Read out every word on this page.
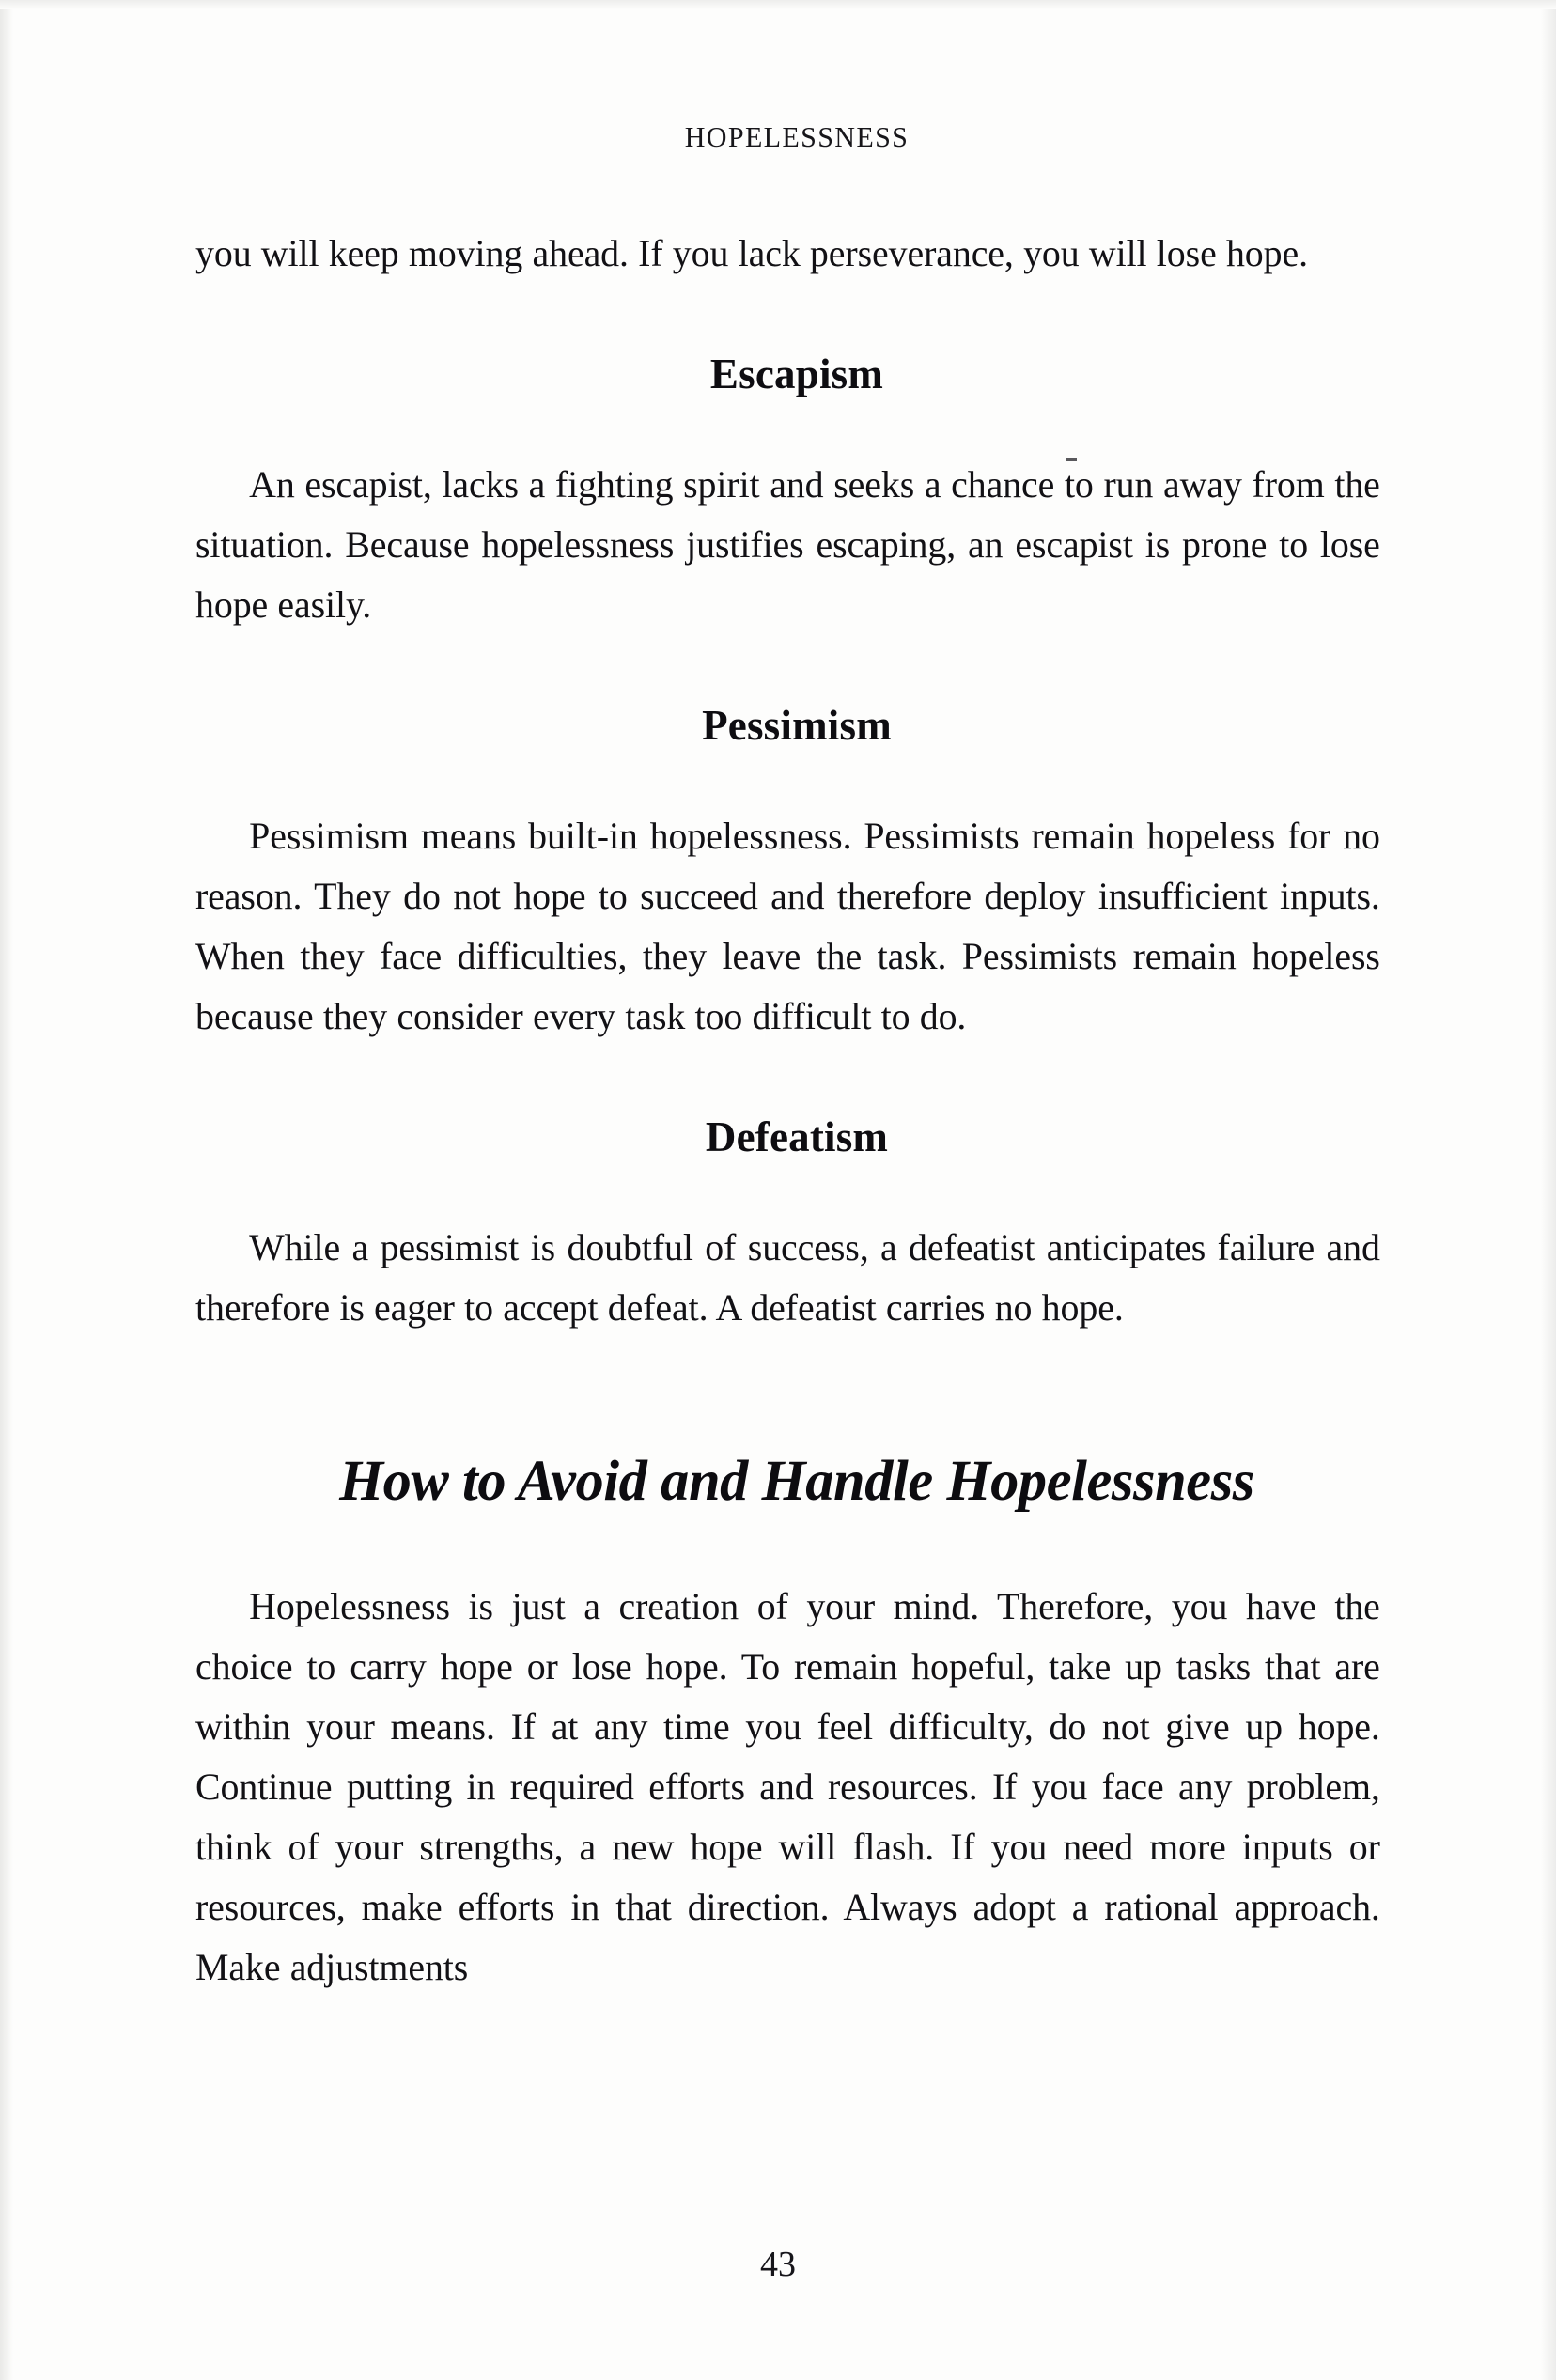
HOPELESSNESS

you will keep moving ahead. If you lack perseverance, you will lose hope.

Escapism

An escapist, lacks a fighting spirit and seeks a chance to run away from the situation. Because hopelessness justifies escaping, an escapist is prone to lose hope easily.

Pessimism

Pessimism means built-in hopelessness. Pessimists remain hopeless for no reason. They do not hope to succeed and therefore deploy insufficient inputs. When they face difficulties, they leave the task. Pessimists remain hopeless because they consider every task too difficult to do.

Defeatism

While a pessimist is doubtful of success, a defeatist anticipates failure and therefore is eager to accept defeat. A defeatist carries no hope.

How to Avoid and Handle Hopelessness

Hopelessness is just a creation of your mind. Therefore, you have the choice to carry hope or lose hope. To remain hopeful, take up tasks that are within your means. If at any time you feel difficulty, do not give up hope. Continue putting in required efforts and resources. If you face any problem, think of your strengths, a new hope will flash. If you need more inputs or resources, make efforts in that direction. Always adopt a rational approach. Make adjustments

43
